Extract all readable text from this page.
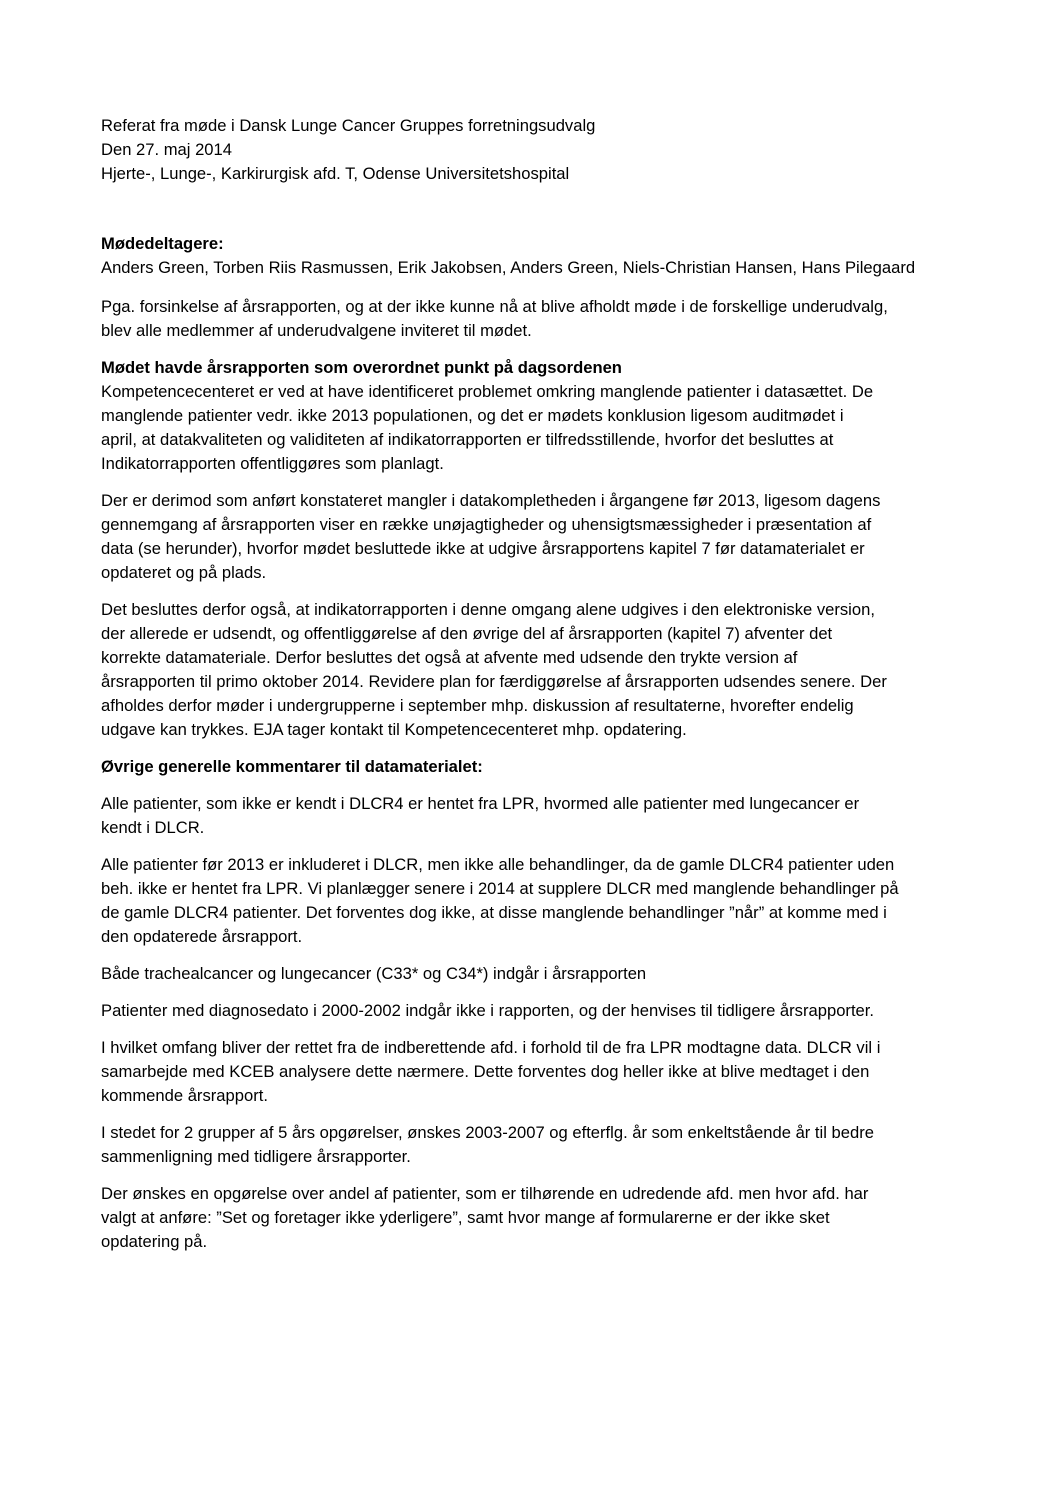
Referat fra møde i Dansk Lunge Cancer Gruppes forretningsudvalg
Den 27. maj 2014
Hjerte-, Lunge-, Karkirurgisk afd. T, Odense Universitetshospital
Mødedeltagere:
Anders Green, Torben Riis Rasmussen, Erik Jakobsen, Anders Green, Niels-Christian Hansen, Hans Pilegaard
Pga. forsinkelse af årsrapporten, og at der ikke kunne nå at blive afholdt møde i de forskellige underudvalg,
blev alle medlemmer af underudvalgene inviteret til mødet.
Mødet havde årsrapporten som overordnet punkt på dagsordenen
Kompetencecenteret er ved at have identificeret problemet omkring manglende patienter i datasættet. De
manglende patienter vedr. ikke 2013 populationen, og det er mødets konklusion ligesom auditmødet i
april, at datakvaliteten og validiteten af indikatorrapporten er tilfredsstillende, hvorfor det besluttes at
Indikatorrapporten offentliggøres som planlagt.
Der er derimod som anført konstateret mangler i datakompletheden i årgangene før 2013, ligesom dagens
gennemgang af årsrapporten viser en række unøjagtigheder og uhensigtsmæssigheder i præsentation af
data (se herunder), hvorfor mødet besluttede ikke at udgive årsrapportens kapitel 7 før datamaterialet er
opdateret og på plads.
Det besluttes derfor også, at indikatorrapporten i denne omgang alene udgives i den elektroniske version,
der allerede er udsendt, og offentliggørelse af den øvrige del af årsrapporten (kapitel 7) afventer det
korrekte datamateriale. Derfor besluttes det også at afvente med udsende den trykte version af
årsrapporten til primo oktober 2014. Revidere plan for færdiggørelse af årsrapporten udsendes senere. Der
afholdes derfor møder i undergrupperne i september mhp. diskussion af resultaterne, hvorefter endelig
udgave kan trykkes. EJA tager kontakt til Kompetencecenteret mhp. opdatering.
Øvrige generelle kommentarer til datamaterialet:
Alle patienter, som ikke er kendt i DLCR4 er hentet fra LPR, hvormed alle patienter med lungecancer er
kendt i DLCR.
Alle patienter før 2013 er inkluderet i DLCR, men ikke alle behandlinger, da de gamle DLCR4 patienter uden
beh. ikke er hentet fra LPR. Vi planlægger senere i 2014 at supplere DLCR med manglende behandlinger på
de gamle DLCR4 patienter. Det forventes dog ikke, at disse manglende behandlinger ”når” at komme med i
den opdaterede årsrapport.
Både trachealcancer og lungecancer (C33* og C34*) indgår i årsrapporten
Patienter med diagnosedato i 2000-2002 indgår ikke i rapporten, og der henvises til tidligere årsrapporter.
I hvilket omfang bliver der rettet fra de indberettende afd. i forhold til de fra LPR modtagne data. DLCR vil i
samarbejde med KCEB analysere dette nærmere. Dette forventes dog heller ikke at blive medtaget i den
kommende årsrapport.
I stedet for 2 grupper af 5 års opgørelser, ønskes 2003-2007 og efterflg. år som enkeltstående år til bedre
sammenligning med tidligere årsrapporter.
Der ønskes en opgørelse over andel af patienter, som er tilhørende en udredende afd. men hvor afd. har
valgt at anføre: ”Set og foretager ikke yderligere”, samt hvor mange af formularerne er der ikke sket
opdatering på.
